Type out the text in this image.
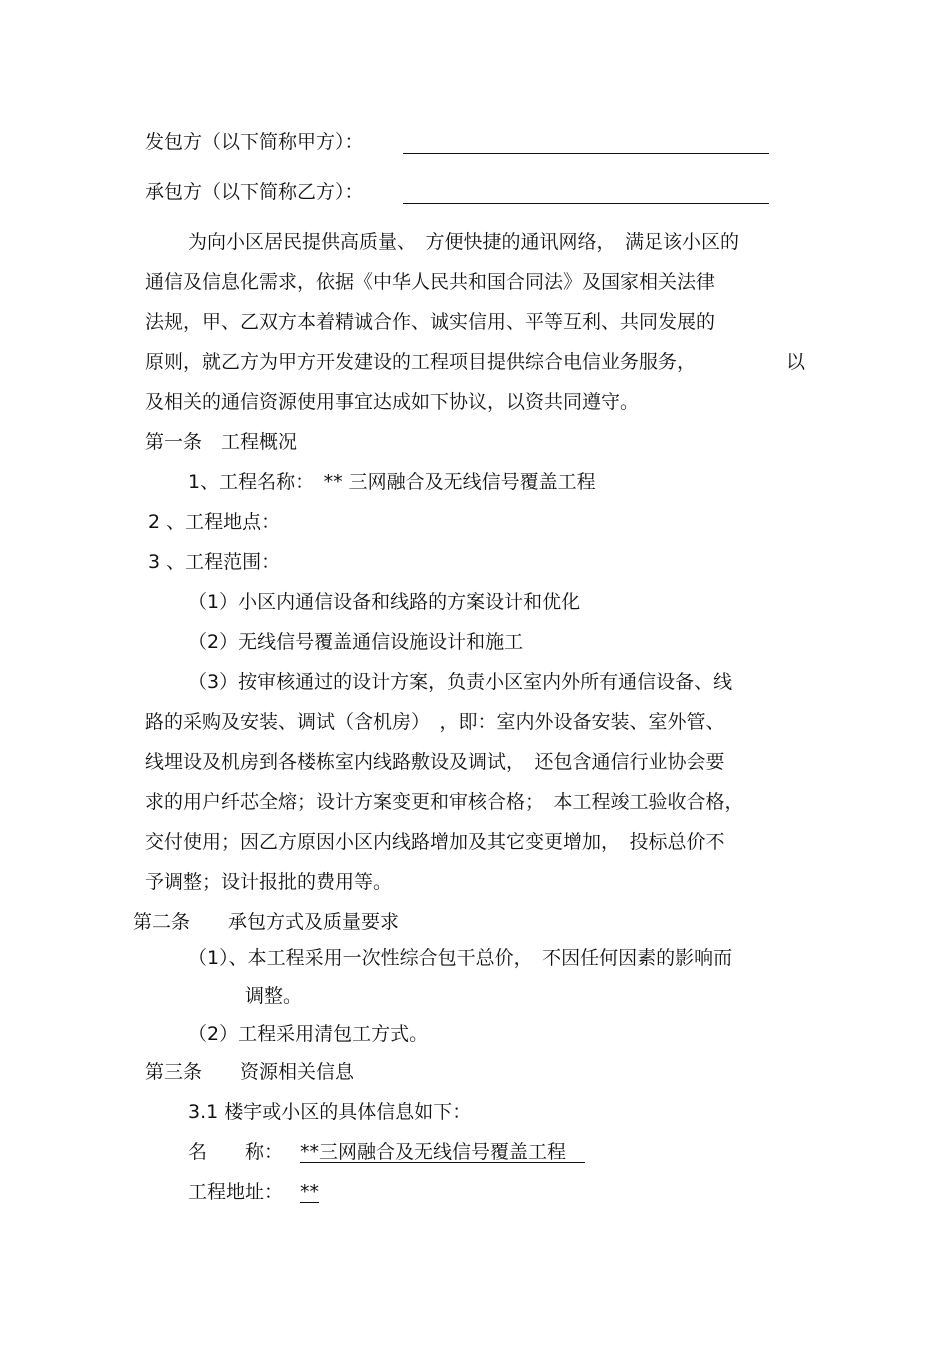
发包方（以下简称甲方）：
承包方（以下简称乙方）：
为向小区居民提供高质量、　方便快捷的通讯网络，　满足该小区的
通信及信息化需求，依据《中华人民共和国合同法》及国家相关法律
法规，甲、乙双方本着精诚合作、诚实信用、平等互利、共同发展的
原则，就乙方为甲方开发建设的工程项目提供综合电信业务服务，	以
及相关的通信资源使用事宜达成如下协议，以资共同遵守。
第一条　工程概况
1、工程名称：　** 三网融合及无线信号覆盖工程
2 、工程地点：
3 、工程范围：
（1）小区内通信设备和线路的方案设计和优化
（2）无线信号覆盖通信设施设计和施工
（3）按审核通过的设计方案，负责小区室内外所有通信设备、线
路的采购及安装、调试（含机房）　，即：室内外设备安装、室外管、
线埋设及机房到各楼栋室内线路敷设及调试，　还包含通信行业协会要
求的用户纤芯全熔；设计方案变更和审核合格；　本工程竣工验收合格，
交付使用；因乙方原因小区内线路增加及其它变更增加，　投标总价不
予调整；设计报批的费用等。
第二条　　承包方式及质量要求
（1）、本工程采用一次性综合包干总价，　不因任何因素的影响而
调整。
（2）工程采用清包工方式。
第三条　　资源相关信息
3.1 楼宇或小区的具体信息如下：
名　　称： **三网融合及无线信号覆盖工程　
工程地址： **
